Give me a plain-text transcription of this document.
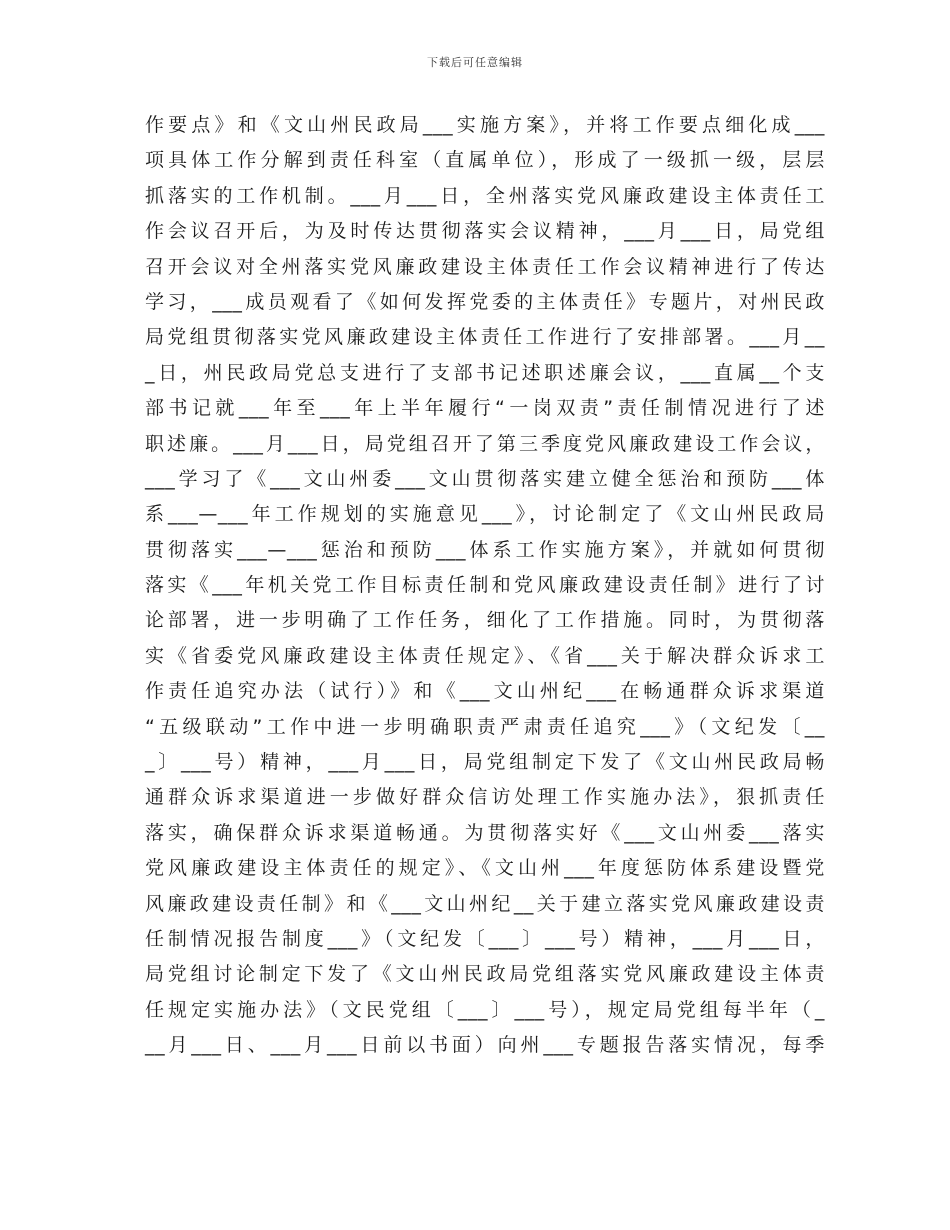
下载后可任意编辑
作要点》和《文山州民政局___实施方案》，并将工作要点细化成___
项具体工作分解到责任科室（直属单位），形成了一级抓一级，层层
抓落实的工作机制。___月___日，全州落实党风廉政建设主体责任工
作会议召开后，为及时传达贯彻落实会议精神，___月___日，局党组
召开会议对全州落实党风廉政建设主体责任工作会议精神进行了传达
学习，___成员观看了《如何发挥党委的主体责任》专题片，对州民政
局党组贯彻落实党风廉政建设主体责任工作进行了安排部署。___月__
_日，州民政局党总支进行了支部书记述职述廉会议，___直属__个支
部书记就___年至___年上半年履行“一岗双责”责任制情况进行了述
职述廉。___月___日，局党组召开了第三季度党风廉政建设工作会议，
___学习了《___文山州委___文山贯彻落实建立健全惩治和预防___体
系___—___年工作规划的实施意见___》，讨论制定了《文山州民政局
贯彻落实___—___惩治和预防___体系工作实施方案》，并就如何贯彻
落实《___年机关党工作目标责任制和党风廉政建设责任制》进行了讨
论部署，进一步明确了工作任务，细化了工作措施。同时，为贯彻落
实《省委党风廉政建设主体责任规定》、《省___关于解决群众诉求工
作责任追究办法（试行）》和《___文山州纪___在畅通群众诉求渠道
“五级联动”工作中进一步明确职责严肃责任追究___》（文纪发〔__
_〕___号）精神，___月___日，局党组制定下发了《文山州民政局畅
通群众诉求渠道进一步做好群众信访处理工作实施办法》，狠抓责任
落实，确保群众诉求渠道畅通。为贯彻落实好《___文山州委___落实
党风廉政建设主体责任的规定》、《文山州___年度惩防体系建设暨党
风廉政建设责任制》和《___文山州纪__关于建立落实党风廉政建设责
任制情况报告制度___》（文纪发〔___〕___号）精神，___月___日，
局党组讨论制定下发了《文山州民政局党组落实党风廉政建设主体责
任规定实施办法》（文民党组〔___〕___号），规定局党组每半年（_
__月___日、___月___日前以书面）向州___专题报告落实情况，每季
